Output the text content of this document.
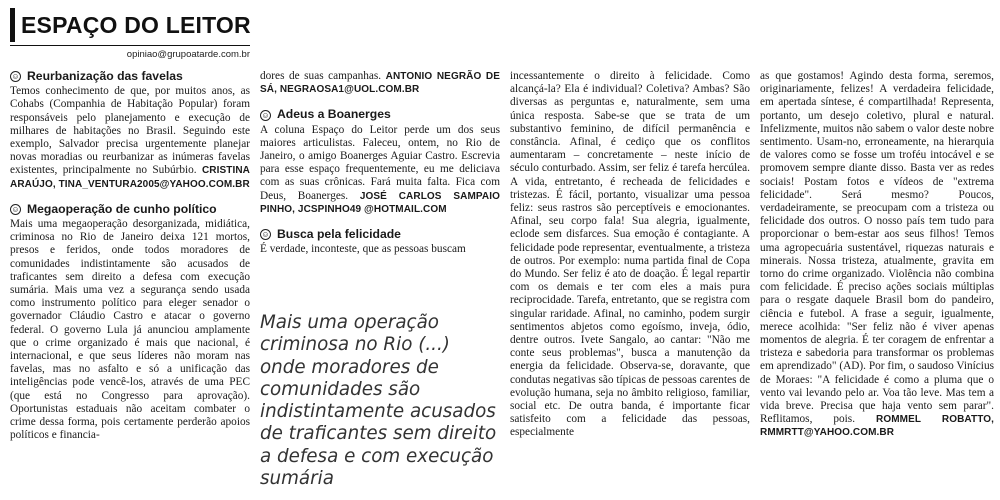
ESPAÇO DO LEITOR
opiniao@grupoatarde.com.br
☺ Reurbanização das favelas

Temos conhecimento de que, por muitos anos, as Cohabs (Companhia de Habitação Popular) foram responsáveis pelo planejamento e execução de milhares de habitações no Brasil. Seguindo este exemplo, Salvador precisa urgentemente planejar novas moradias ou reurbanizar as inúmeras favelas existentes, principalmente no Subúrbio. CRISTINA ARAÚJO, TINA_VENTURA2005@YAHOO.COM.BR

☺ Megaoperação de cunho político

Mais uma megaoperação desorganizada, midiática, criminosa no Rio de Janeiro deixa 121 mortos, presos e feridos, onde todos moradores de comunidades indistintamente são acusados de traficantes sem direito a defesa com execução sumária. Mais uma vez a segurança sendo usada como instrumento político para eleger senador o governador Cláudio Castro e atacar o governo federal. O governo Lula já anunciou amplamente que o crime organizado é mais que nacional, é internacional, e que seus líderes não moram nas favelas, mas no asfalto e só a unificação das inteligências pode vencê-los, através de uma PEC (que está no Congresso para aprovação). Oportunistas estaduais não aceitam combater o crime dessa forma, pois certamente perderão apoios políticos e financia-

dores de suas campanhas. ANTONIO NEGRÃO DE SÁ, NEGRAOSA1@UOL.COM.BR

☺ Adeus a Boanerges

A coluna Espaço do Leitor perde um dos seus maiores articulistas. Faleceu, ontem, no Rio de Janeiro, o amigo Boanerges Aguiar Castro. Escrevia para esse espaço frequentemente, eu me deliciava com as suas crônicas. Fará muita falta. Fica com Deus, Boanerges. JOSÉ CARLOS SAMPAIO PINHO, JCSPINHO49 @HOTMAIL.COM

☺ Busca pela felicidade

É verdade, inconteste, que as pessoas buscam

Mais uma operação criminosa no Rio (...) onde moradores de comunidades são indistintamente acusados de traficantes sem direito a defesa e com execução sumária

incessantemente o direito à felicidade. Como alcançá-la? Ela é individual? Coletiva? Ambas? São diversas as perguntas e, naturalmente, sem uma única resposta. Sabe-se que se trata de um substantivo feminino, de difícil permanência e constância. Afinal, é cediço que os conflitos aumentaram – concretamente – neste início de século conturbado. Assim, ser feliz é tarefa hercúlea. A vida, entretanto, é recheada de felicidades e tristezas. É fácil, portanto, visualizar uma pessoa feliz: seus rastros são perceptíveis e emocionantes. Afinal, seu corpo fala! Sua alegria, igualmente, eclode sem disfarces. Sua emoção é contagiante. A felicidade pode representar, eventualmente, a tristeza de outros. Por exemplo: numa partida final de Copa do Mundo. Ser feliz é ato de doação. É legal repartir com os demais e ter com eles a mais pura reciprocidade. Tarefa, entretanto, que se registra com singular raridade. Afinal, no caminho, podem surgir sentimentos abjetos como egoísmo, inveja, ódio, dentre outros. Ivete Sangalo, ao cantar: "Não me conte seus problemas", busca a manutenção da energia da felicidade. Observa-se, doravante, que condutas negativas são típicas de pessoas carentes de evolução humana, seja no âmbito religioso, familiar, social etc. De outra banda, é importante ficar satisfeito com a felicidade das pessoas, especialmente

as que gostamos! Agindo desta forma, seremos, originariamente, felizes! A verdadeira felicidade, em apertada síntese, é compartilhada! Representa, portanto, um desejo coletivo, plural e natural. Infelizmente, muitos não sabem o valor deste nobre sentimento. Usam-no, erroneamente, na hierarquia de valores como se fosse um troféu intocável e se promovem sempre diante disso. Basta ver as redes sociais! Postam fotos e vídeos de "extrema felicidade". Será mesmo? Poucos, verdadeiramente, se preocupam com a tristeza ou felicidade dos outros. O nosso país tem tudo para proporcionar o bem-estar aos seus filhos! Temos uma agropecuária sustentável, riquezas naturais e minerais. Nossa tristeza, atualmente, gravita em torno do crime organizado. Violência não combina com felicidade. É preciso ações sociais múltiplas para o resgate daquele Brasil bom do pandeiro, ciência e futebol. A frase a seguir, igualmente, merece acolhida: "Ser feliz não é viver apenas momentos de alegria. É ter coragem de enfrentar a tristeza e sabedoria para transformar os problemas em aprendizado" (AD). Por fim, o saudoso Vinícius de Moraes: "A felicidade é como a pluma que o vento vai levando pelo ar. Voa tão leve. Mas tem a vida breve. Precisa que haja vento sem parar". Reflitamos, pois. ROMMEL ROBATTO, RMMRTT@YAHOO.COM.BR
